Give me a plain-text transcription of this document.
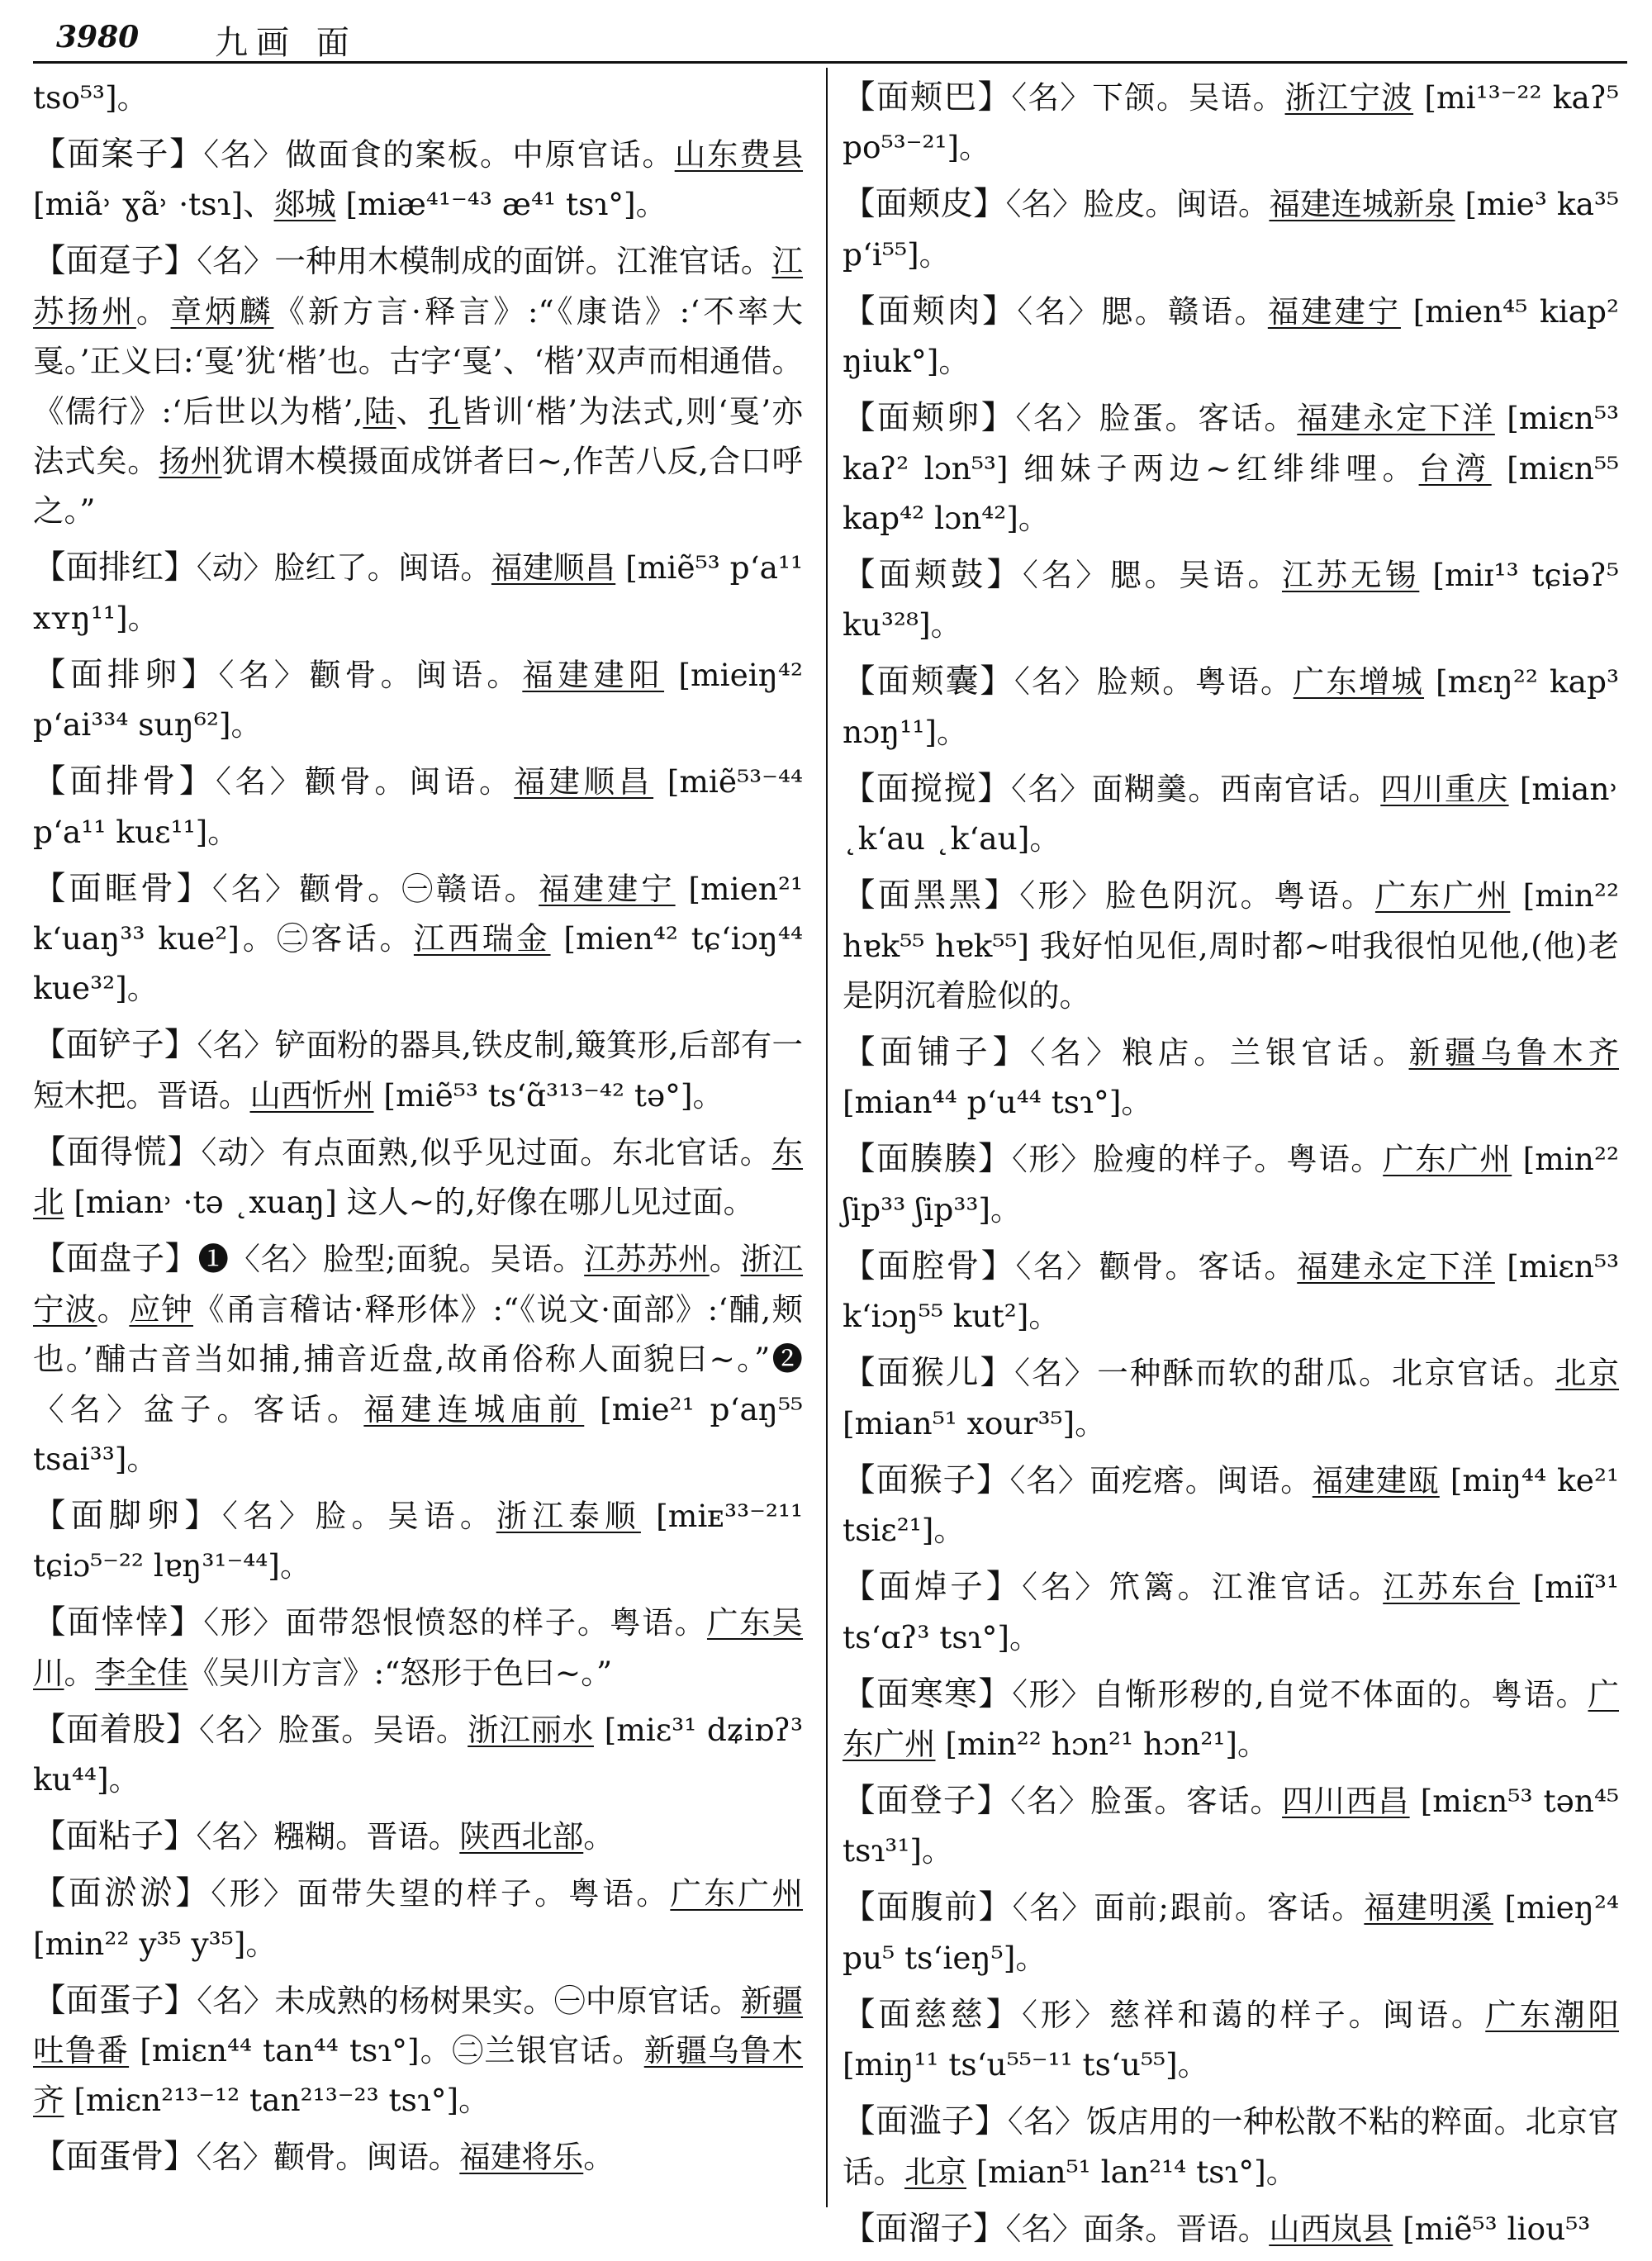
3980 九画 面

tso⁵³]。

【面案子】〈名〉做面食的案板。中原官话。山东费县 [miã˒ ɣã˒ ·tsɿ]、郯城 [miæ⁴¹⁻⁴³ æ⁴¹ tsɿ°]。

【面趸子】〈名〉一种用木模制成的面饼。江淮官话。江苏扬州。章炳麟《新方言·释言》:“《康诰》:‘不率大戛。’正义曰:‘戛’犹‘楷’也。古字‘戛’、‘楷’双声而相通借。《儒行》:‘后世以为楷’,陆、孔皆训‘楷’为法式,则‘戛’亦法式矣。扬州犹谓木模摄面成饼者曰~,作苦八反,合口呼之。”

【面排红】〈动〉脸红了。闽语。福建顺昌 [miẽ⁵³ p‘a¹¹ xʏŋ¹¹]。

【面排卵】〈名〉颧骨。闽语。福建建阳 [mieiŋ⁴² p‘ai³³⁴ suŋ⁶²]。

【面排骨】〈名〉颧骨。闽语。福建顺昌 [miẽ⁵³⁻⁴⁴ p‘a¹¹ kuɛ¹¹]。

【面眶骨】〈名〉颧骨。㊀赣语。福建建宁 [mien²¹ k‘uaŋ³³ kue²]。㊁客话。江西瑞金 [mien⁴² tɕ‘iɔŋ⁴⁴ kue³²]。

【面铲子】〈名〉铲面粉的器具,铁皮制,簸箕形,后部有一短木把。晋语。山西忻州 [miẽ⁵³ ts‘ɑ̃³¹³⁻⁴² tə°]。

【面得慌】〈动〉有点面熟,似乎见过面。东北官话。东北 [mian˒ ·tə ˛xuaŋ] 这人~的,好像在哪儿见过面。

【面盘子】❶〈名〉脸型;面貌。吴语。江苏苏州。浙江宁波。应钟《甬言稽诂·释形体》:“《说文·面部》:‘酺,颊也。’酺古音当如捕,捕音近盘,故甬俗称人面貌曰~。”❷〈名〉盆子。客话。福建连城庙前 [mie²¹ p‘aŋ⁵⁵ tsai³³]。

【面脚卵】〈名〉脸。吴语。浙江泰顺 [miᴇ³³⁻²¹¹ tɕiɔ⁵⁻²² lɐŋ³¹⁻⁴⁴]。

【面悻悻】〈形〉面带怨恨愤怒的样子。粤语。广东吴川。李全佳《吴川方言》:“怒形于色曰~。”

【面着股】〈名〉脸蛋。吴语。浙江丽水 [miɛ³¹ dʑiɒʔ³ ku⁴⁴]。

【面粘子】〈名〉糨糊。晋语。陕西北部。

【面淤淤】〈形〉面带失望的样子。粤语。广东广州 [min²² y³⁵ y³⁵]。

【面蛋子】〈名〉未成熟的杨树果实。㊀中原官话。新疆吐鲁番 [miɛn⁴⁴ tan⁴⁴ tsɿ°]。㊁兰银官话。新疆乌鲁木齐 [miɛn²¹³⁻¹² tan²¹³⁻²³ tsɿ°]。

【面蛋骨】〈名〉颧骨。闽语。福建将乐。

【面颊巴】〈名〉下颌。吴语。浙江宁波 [mi¹³⁻²² kaʔ⁵ po⁵³⁻²¹]。

【面颊皮】〈名〉脸皮。闽语。福建连城新泉 [mie³ ka³⁵ p‘i⁵⁵]。

【面颊肉】〈名〉腮。赣语。福建建宁 [mien⁴⁵ kiap² ŋiuk°]。

【面颊卵】〈名〉脸蛋。客话。福建永定下洋 [miɛn⁵³ kaʔ² lɔn⁵³] 细妹子两边~红绯绯哩。台湾 [miɛn⁵⁵ kap⁴² lɔn⁴²]。

【面颊鼓】〈名〉腮。吴语。江苏无锡 [miɪ¹³ tɕiəʔ⁵ ku³²⁸]。

【面颊囊】〈名〉脸颊。粤语。广东增城 [mɛŋ²² kap³ nɔŋ¹¹]。

【面搅搅】〈名〉面糊羹。西南官话。四川重庆 [mian˒ ˛k‘au ˛k‘au]。

【面黑黑】〈形〉脸色阴沉。粤语。广东广州 [min²² hɐk⁵⁵ hɐk⁵⁵] 我好怕见佢,周时都~咁我很怕见他,(他)老是阴沉着脸似的。

【面铺子】〈名〉粮店。兰银官话。新疆乌鲁木齐 [mian⁴⁴ p‘u⁴⁴ tsɿ°]。

【面腠腠】〈形〉脸瘦的样子。粤语。广东广州 [min²² ʃip³³ ʃip³³]。

【面腔骨】〈名〉颧骨。客话。福建永定下洋 [miɛn⁵³ k‘iɔŋ⁵⁵ kut²]。

【面猴儿】〈名〉一种酥而软的甜瓜。北京官话。北京 [mian⁵¹ xour³⁵]。

【面猴子】〈名〉面疙瘩。闽语。福建建瓯 [miŋ⁴⁴ ke²¹ tsiɛ²¹]。

【面焯子】〈名〉笊篱。江淮官话。江苏东台 [miĩ³¹ ts‘ɑʔ³ tsɿ°]。

【面寒寒】〈形〉自惭形秽的,自觉不体面的。粤语。广东广州 [min²² hɔn²¹ hɔn²¹]。

【面登子】〈名〉脸蛋。客话。四川西昌 [miɛn⁵³ tən⁴⁵ tsɿ³¹]。

【面腹前】〈名〉面前;跟前。客话。福建明溪 [mieŋ²⁴ pu⁵ ts‘ieŋ⁵]。

【面慈慈】〈形〉慈祥和蔼的样子。闽语。广东潮阳 [miŋ¹¹ ts‘u⁵⁵⁻¹¹ ts‘u⁵⁵]。

【面滥子】〈名〉饭店用的一种松散不粘的粹面。北京官话。北京 [mian⁵¹ lan²¹⁴ tsɿ°]。

【面溜子】〈名〉面条。晋语。山西岚县 [miẽ⁵³ liou⁵³
